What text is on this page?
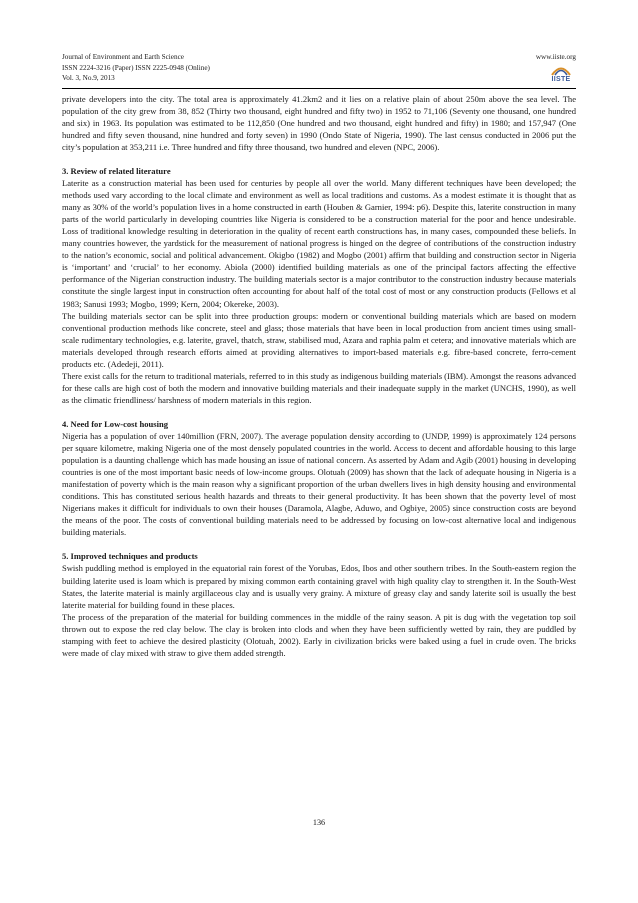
Journal of Environment and Earth Science
ISSN 2224-3216 (Paper) ISSN 2225-0948 (Online)
Vol. 3, No.9, 2013
www.iiste.org
IISTE

private developers into the city. The total area is approximately 41.2km2 and it lies on a relative plain of about 250m above the sea level. The population of the city grew from 38, 852 (Thirty two thousand, eight hundred and fifty two) in 1952 to 71,106 (Seventy one thousand, one hundred and six) in 1963. Its population was estimated to be 112,850 (One hundred and two thousand, eight hundred and fifty) in 1980; and 157,947 (One hundred and fifty seven thousand, nine hundred and forty seven) in 1990 (Ondo State of Nigeria, 1990). The last census conducted in 2006 put the city’s population at 353,211 i.e. Three hundred and fifty three thousand, two hundred and eleven (NPC, 2006).

3. Review of related literature

Laterite as a construction material has been used for centuries by people all over the world. Many different techniques have been developed; the methods used vary according to the local climate and environment as well as local traditions and customs. As a modest estimate it is thought that as many as 30% of the world’s population lives in a home constructed in earth (Houben & Garnier, 1994: p6). Despite this, laterite construction in many parts of the world particularly in developing countries like Nigeria is considered to be a construction material for the poor and hence undesirable. Loss of traditional knowledge resulting in deterioration in the quality of recent earth constructions has, in many cases, compounded these beliefs. In many countries however, the yardstick for the measurement of national progress is hinged on the degree of contributions of the construction industry to the nation’s economic, social and political advancement. Okigbo (1982) and Mogbo (2001) affirm that building and construction sector in Nigeria is ‘important’ and ‘crucial’ to her economy. Abiola (2000) identified building materials as one of the principal factors affecting the effective performance of the Nigerian construction industry. The building materials sector is a major contributor to the construction industry because materials constitute the single largest input in construction often accounting for about half of the total cost of most or any construction products (Fellows et al 1983; Sanusi 1993; Mogbo, 1999; Kern, 2004; Okereke, 2003).

The building materials sector can be split into three production groups: modern or conventional building materials which are based on modern conventional production methods like concrete, steel and glass; those materials that have been in local production from ancient times using small-scale rudimentary technologies, e.g. laterite, gravel, thatch, straw, stabilised mud, Azara and raphia palm et cetera; and innovative materials which are materials developed through research efforts aimed at providing alternatives to import-based materials e.g. fibre-based concrete, ferro-cement products etc. (Adedeji, 2011).

There exist calls for the return to traditional materials, referred to in this study as indigenous building materials (IBM). Amongst the reasons advanced for these calls are high cost of both the modern and innovative building materials and their inadequate supply in the market (UNCHS, 1990), as well as the climatic friendliness/ harshness of modern materials in this region.

4. Need for Low-cost housing

Nigeria has a population of over 140million (FRN, 2007). The average population density according to (UNDP, 1999) is approximately 124 persons per square kilometre, making Nigeria one of the most densely populated countries in the world. Access to decent and affordable housing to this large population is a daunting challenge which has made housing an issue of national concern. As asserted by Adam and Agib (2001) housing in developing countries is one of the most important basic needs of low-income groups. Olotuah (2009) has shown that the lack of adequate housing in Nigeria is a manifestation of poverty which is the main reason why a significant proportion of the urban dwellers lives in high density housing and environmental conditions. This has constituted serious health hazards and threats to their general productivity. It has been shown that the poverty level of most Nigerians makes it difficult for individuals to own their houses (Daramola, Alagbe, Aduwo, and Ogbiye, 2005) since construction costs are beyond the means of the poor. The costs of conventional building materials need to be addressed by focusing on low-cost alternative local and indigenous building materials.

5. Improved techniques and products

Swish puddling method is employed in the equatorial rain forest of the Yorubas, Edos, Ibos and other southern tribes. In the South-eastern region the building laterite used is loam which is prepared by mixing common earth containing gravel with high quality clay to strengthen it. In the South-West States, the laterite material is mainly argillaceous clay and is usually very grainy. A mixture of greasy clay and sandy laterite soil is usually the best laterite material for building found in these places.

The process of the preparation of the material for building commences in the middle of the rainy season. A pit is dug with the vegetation top soil thrown out to expose the red clay below. The clay is broken into clods and when they have been sufficiently wetted by rain, they are puddled by stamping with feet to achieve the desired plasticity (Olotuah, 2002). Early in civilization bricks were baked using a fuel in crude oven. The bricks were made of clay mixed with straw to give them added strength.

136
